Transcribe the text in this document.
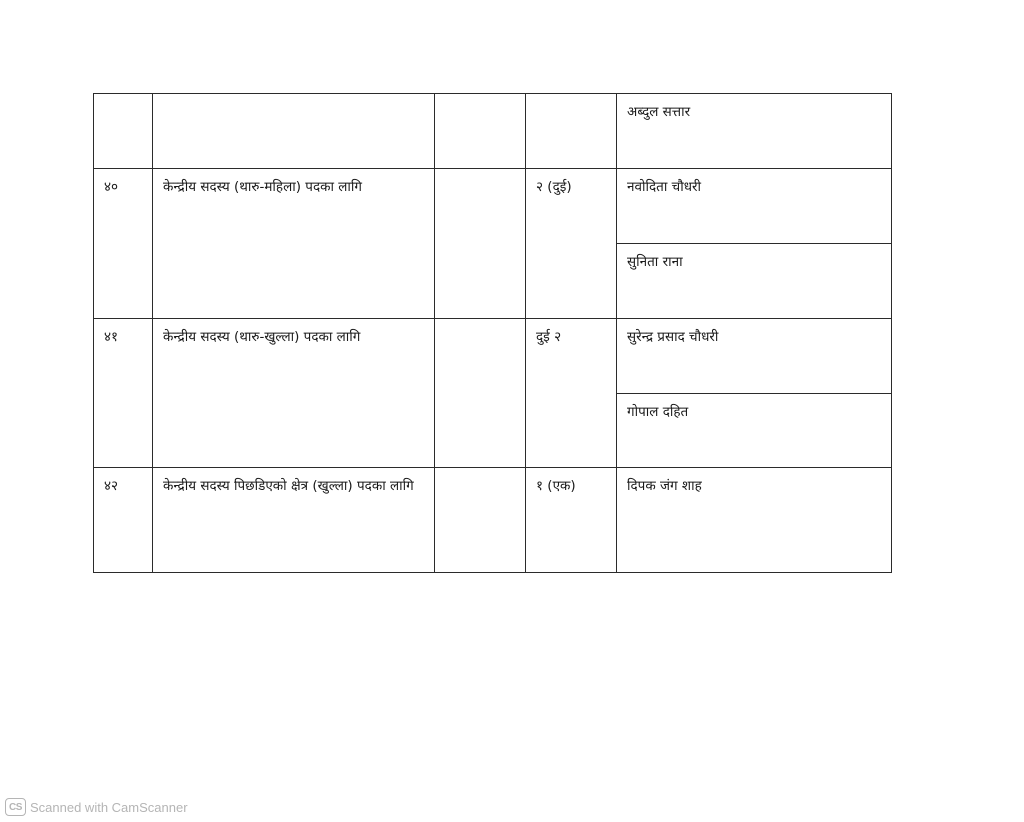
				अब्दुल सत्तार
४०	केन्द्रीय सदस्य (थारु-महिला) पदका लागि		२ (दुई)	नवोदिता चौधरी
				सुनिता राना
४१	केन्द्रीय सदस्य (थारु-खुल्ला) पदका लागि		दुई २	सुरेन्द्र प्रसाद चौधरी
				गोपाल दहित
४२	केन्द्रीय सदस्य पिछडिएको क्षेत्र (खुल्ला) पदका लागि		१ (एक)	दिपक जंग शाह
CS Scanned with CamScanner
